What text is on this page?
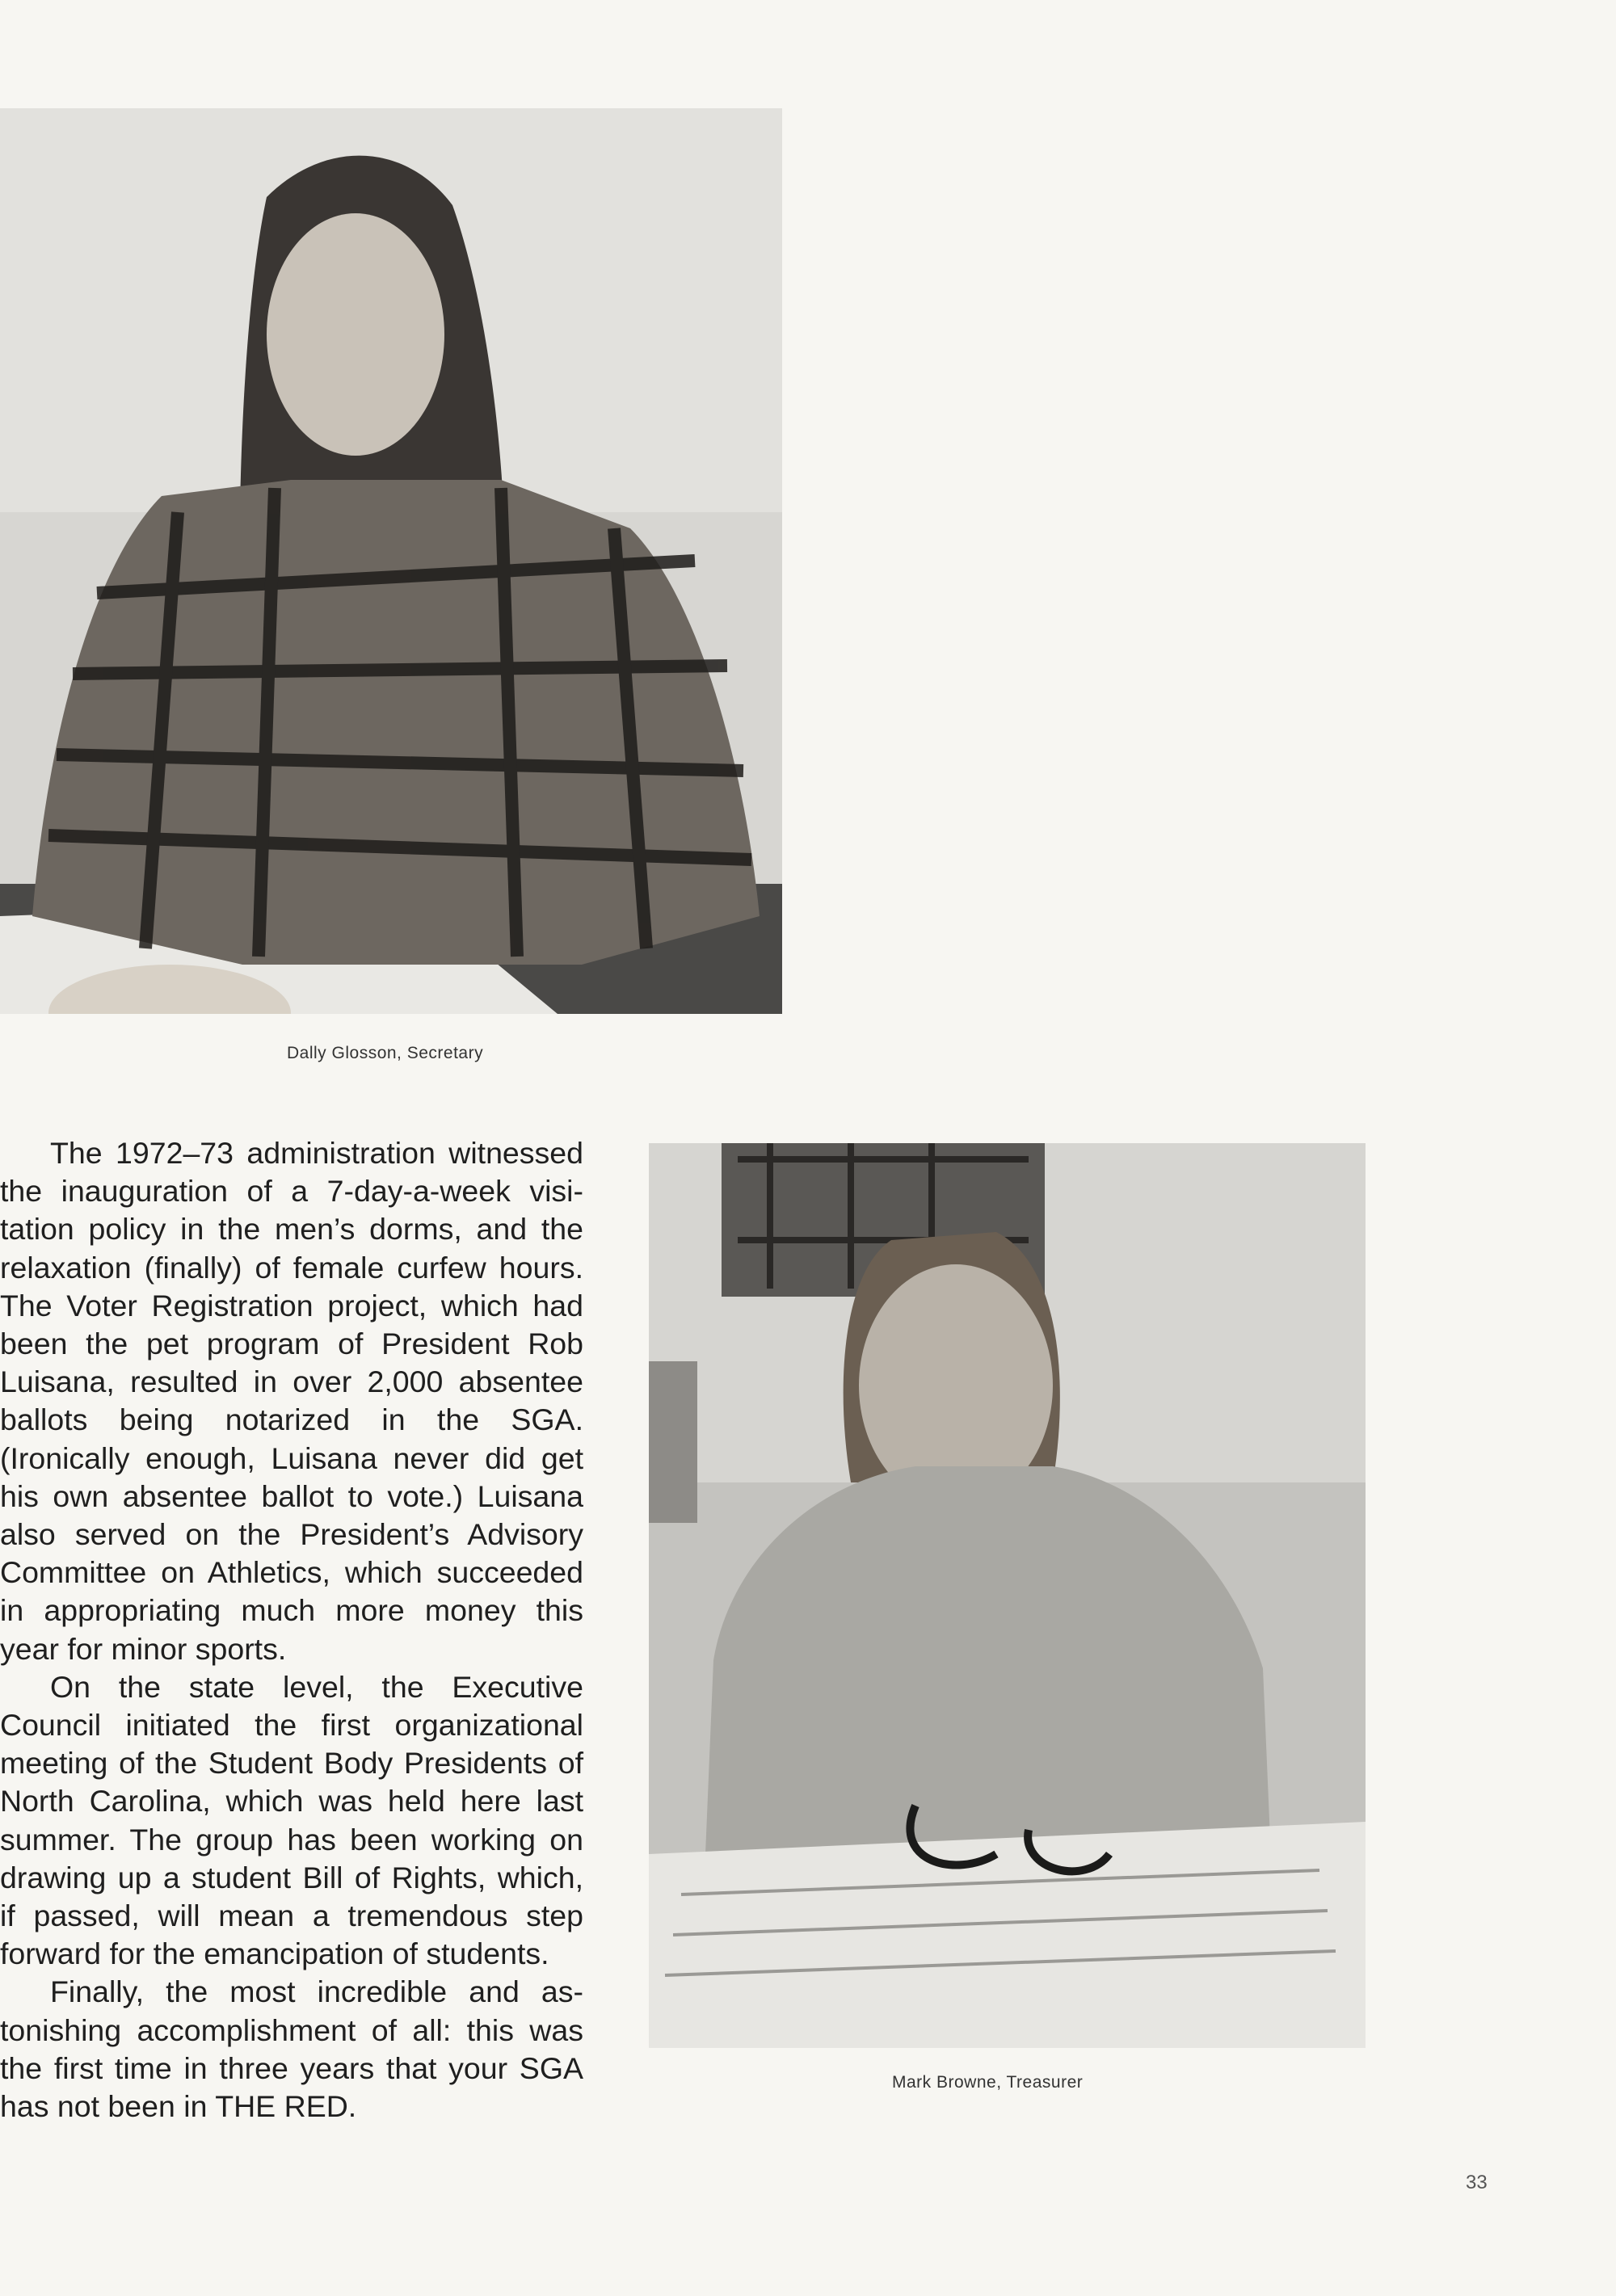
Dally Glosson, Secretary

The 1972–73 administration witnessed the inauguration of a 7-day-a-week visitation policy in the men’s dorms, and the relaxation (finally) of female curfew hours. The Voter Registration project, which had been the pet program of President Rob Luisana, resulted in over 2,000 absentee ballots being notarized in the SGA. (Ironically enough, Luisana never did get his own absentee ballot to vote.) Luisana also served on the President’s Advisory Committee on Athletics, which succeeded in appropriating much more money this year for minor sports.

On the state level, the Executive Council initiated the first organizational meeting of the Student Body Presidents of North Carolina, which was held here last summer. The group has been working on drawing up a student Bill of Rights, which, if passed, will mean a tremendous step forward for the emancipation of students.

Finally, the most incredible and astonishing accomplishment of all: this was the first time in three years that your SGA has not been in THE RED.

Mark Browne, Treasurer
33
